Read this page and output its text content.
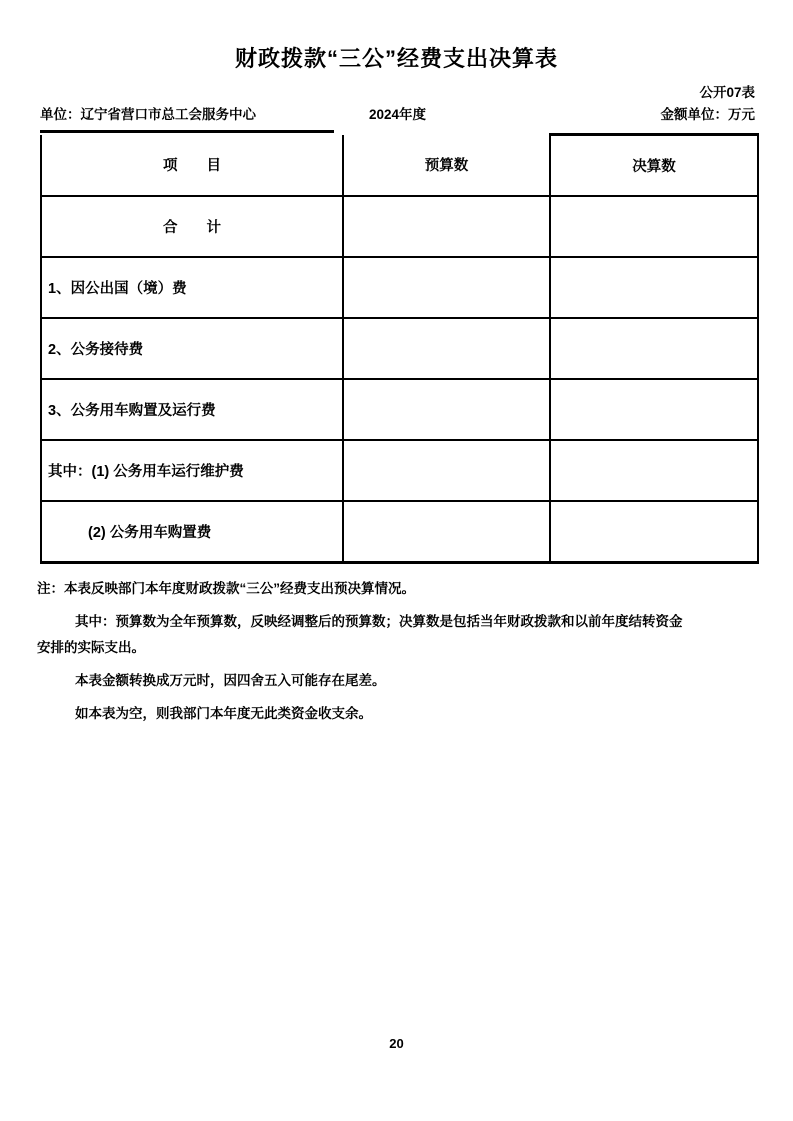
财政拨款“三公”经费支出决算表
公开07表
单位：辽宁省营口市总工会服务中心	2024年度	金额单位：万元
项　　目	预算数	决算数
合　　计		
1、因公出国（境）费		
2、公务接待费		
3、公务用车购置及运行费		
其中：(1) 公务用车运行维护费		
(2) 公务用车购置费		
注：本表反映部门本年度财政拨款“三公”经费支出预决算情况。
其中：预算数为全年预算数，反映经调整后的预算数；决算数是包括当年财政拨款和以前年度结转资金
安排的实际支出。
本表金额转换成万元时，因四舍五入可能存在尾差。
如本表为空，则我部门本年度无此类资金收支余。
20
